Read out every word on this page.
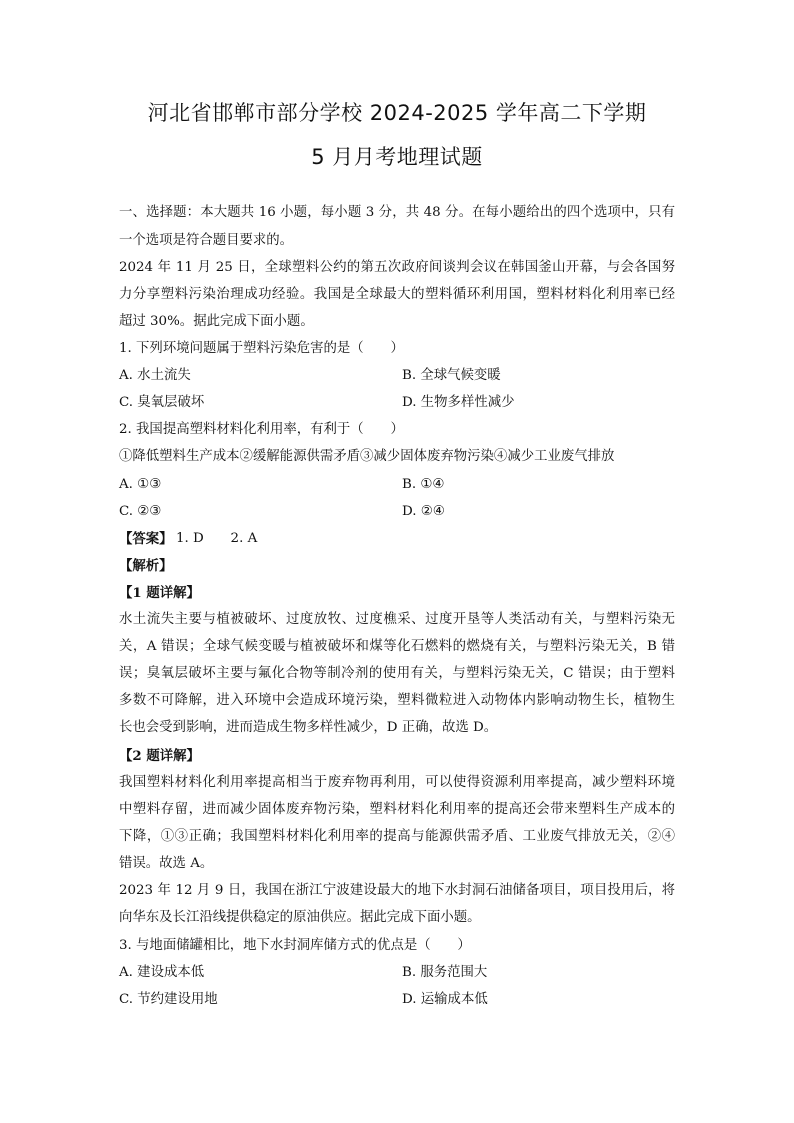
河北省邯郸市部分学校 2024-2025 学年高二下学期
5 月月考地理试题
一、选择题：本大题共 16 小题，每小题 3 分，共 48 分。在每小题给出的四个选项中，只有
一个选项是符合题目要求的。
2024 年 11 月 25 日，全球塑料公约的第五次政府间谈判会议在韩国釜山开幕，与会各国努
力分享塑料污染治理成功经验。我国是全球最大的塑料循环利用国，塑料材料化利用率已经
超过 30%。据此完成下面小题。
1. 下列环境问题属于塑料污染危害的是（　　）
A. 水土流失	B. 全球气候变暖
C. 臭氧层破坏	D. 生物多样性减少
2. 我国提高塑料材料化利用率，有利于（　　）
①降低塑料生产成本②缓解能源供需矛盾③减少固体废弃物污染④减少工业废气排放
A. ①③	B. ①④
C. ②③	D. ②④
【答案】 1. D　　2. A
【解析】
【1 题详解】
水土流失主要与植被破坏、过度放牧、过度樵采、过度开垦等人类活动有关，与塑料污染无
关，A 错误；全球气候变暖与植被破坏和煤等化石燃料的燃烧有关，与塑料污染无关，B 错
误；臭氧层破坏主要与氟化合物等制冷剂的使用有关，与塑料污染无关，C 错误；由于塑料
多数不可降解，进入环境中会造成环境污染，塑料微粒进入动物体内影响动物生长，植物生
长也会受到影响，进而造成生物多样性减少，D 正确，故选 D。
【2 题详解】
我国塑料材料化利用率提高相当于废弃物再利用，可以使得资源利用率提高，减少塑料环境
中塑料存留，进而减少固体废弃物污染，塑料材料化利用率的提高还会带来塑料生产成本的
下降，①③正确；我国塑料材料化利用率的提高与能源供需矛盾、工业废气排放无关，②④
错误。故选 A。
2023 年 12 月 9 日，我国在浙江宁波建设最大的地下水封洞石油储备项目，项目投用后，将
向华东及长江沿线提供稳定的原油供应。据此完成下面小题。
3. 与地面储罐相比，地下水封洞库储方式的优点是（　　）
A. 建设成本低	B. 服务范围大
C. 节约建设用地	D. 运输成本低
